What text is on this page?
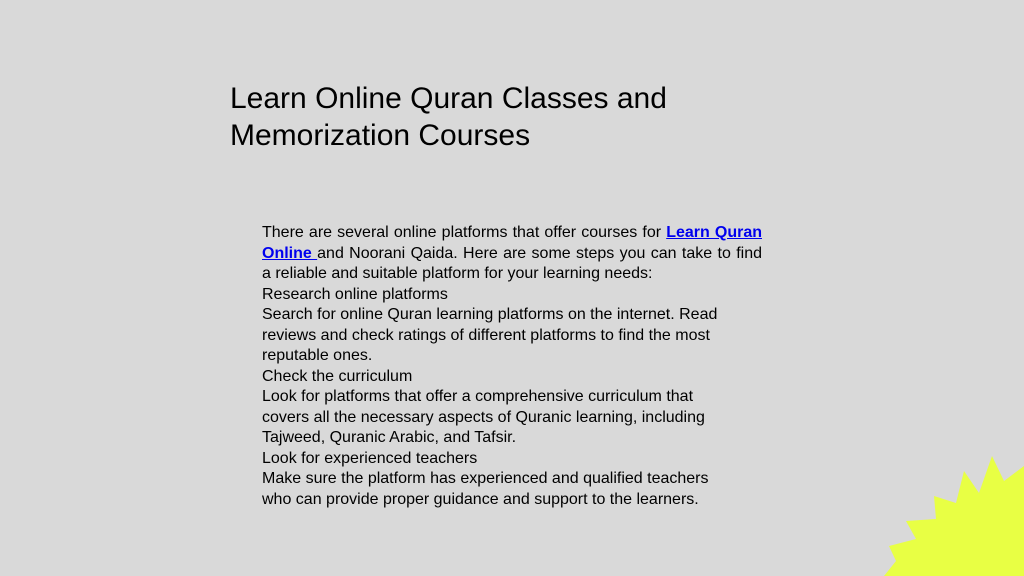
Learn Online Quran Classes and
Memorization Courses

There are several online platforms that offer courses for Learn Quran Online and Noorani Qaida. Here are some steps you can take to find a reliable and suitable platform for your learning needs:

Research online platforms
Search for online Quran learning platforms on the internet. Read
reviews and check ratings of different platforms to find the most
reputable ones.
Check the curriculum
Look for platforms that offer a comprehensive curriculum that
covers all the necessary aspects of Quranic learning, including
Tajweed, Quranic Arabic, and Tafsir.
Look for experienced teachers
Make sure the platform has experienced and qualified teachers
who can provide proper guidance and support to the learners.
